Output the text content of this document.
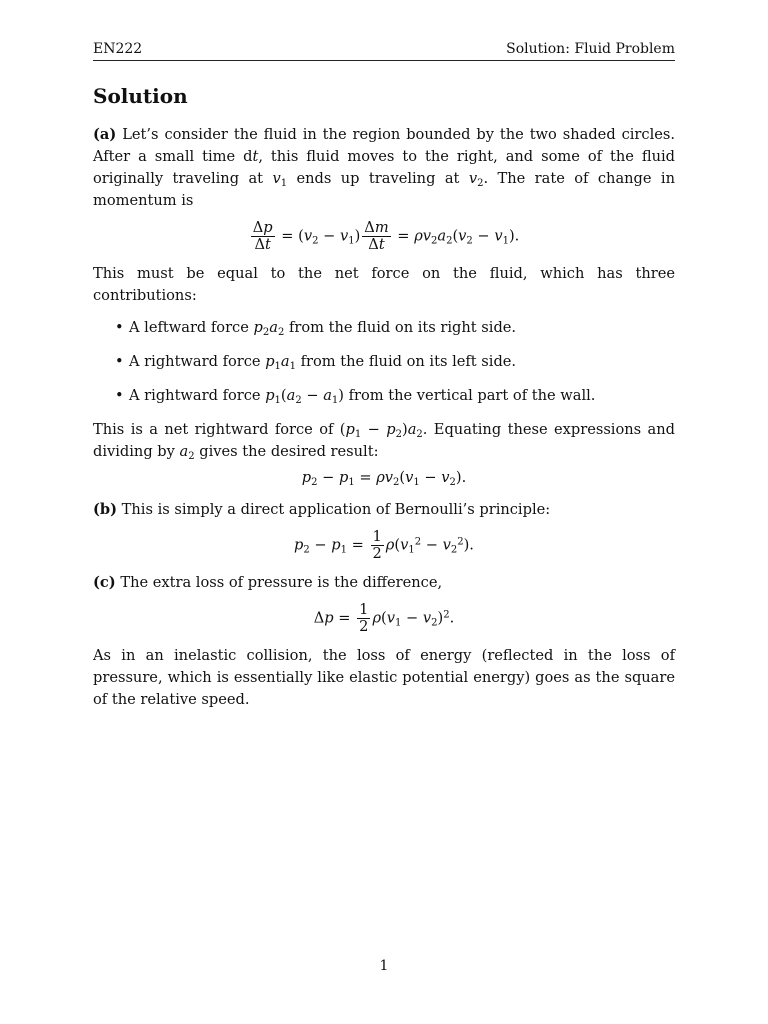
EN222	Solution: Fluid Problem
Solution

(a) Let’s consider the fluid in the region bounded by the two shaded circles. After a small time dt, this fluid moves to the right, and some of the fluid originally traveling at $v_1$ ends up traveling at $v_2$. The rate of change in momentum is

$\frac{\Delta p}{\Delta t} = (v_2 - v_1) \frac{\Delta m}{\Delta t} = \rho v_2a_2(v_2 - v_1)$.

This must be equal to the net force on the fluid, which has three contributions:

• A leftward force $p_2a_2$ from the fluid on its right side.
• A rightward force $p_1a_1$ from the fluid on its left side.
• A rightward force $p_1(a_2 - a_1)$ from the vertical part of the wall.

This is a net rightward force of $(p_1 - p_2)a_2$. Equating these expressions and dividing by $a_2$ gives the desired result:

$p_2 - p_1 = \rho v_2(v_1 - v_2)$.

(b) This is simply a direct application of Bernoulli’s principle:

$p_2 - p_1 = \frac{1}{2} \rho(v_1^2 - v_2^2)$.

(c) The extra loss of pressure is the difference,

$\Delta p = \frac{1}{2} \rho(v_1 - v_2)^2$.

As in an inelastic collision, the loss of energy (reflected in the loss of pressure, which is essentially like elastic potential energy) goes as the square of the relative speed.

1
